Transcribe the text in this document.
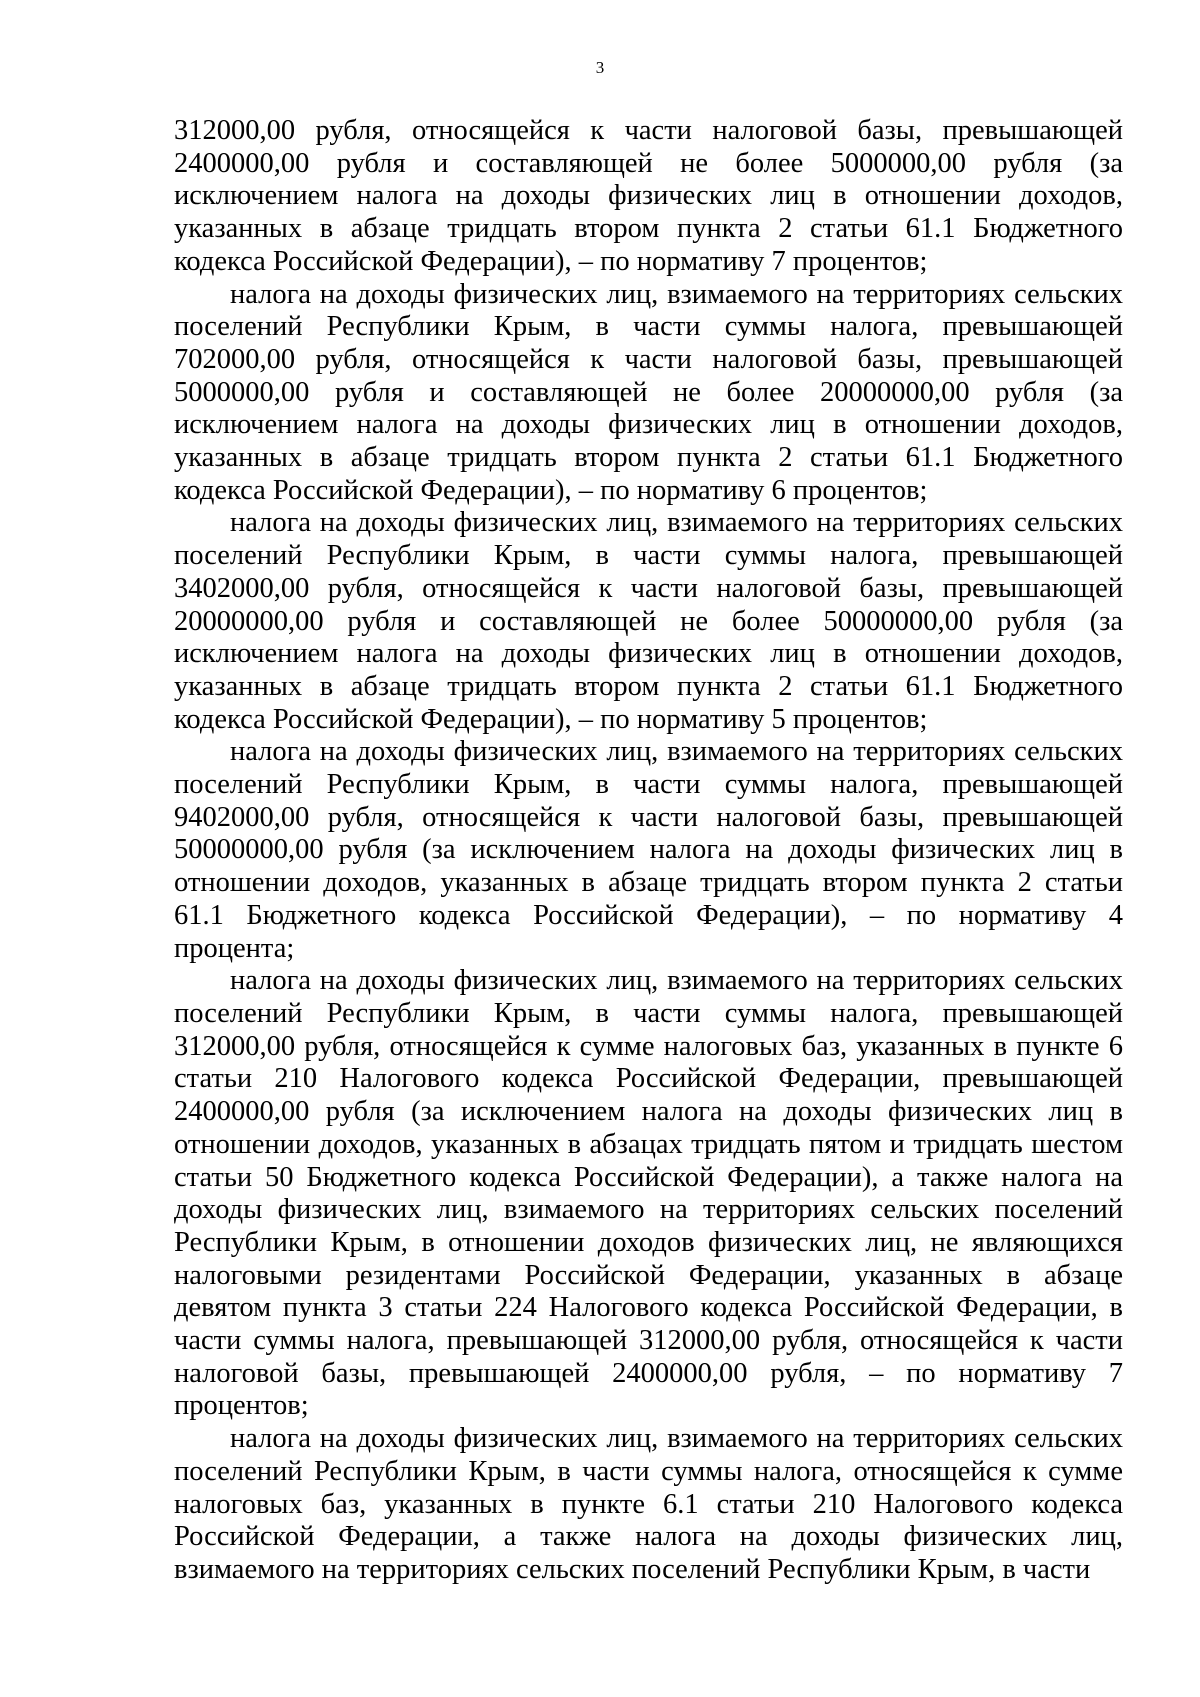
3

312000,00 рубля, относящейся к части налоговой базы, превышающей 2400000,00 рубля и составляющей не более 5000000,00 рубля (за исключением налога на доходы физических лиц в отношении доходов, указанных в абзаце тридцать втором пункта 2 статьи 61.1 Бюджетного кодекса Российской Федерации), – по нормативу 7 процентов;

налога на доходы физических лиц, взимаемого на территориях сельских поселений Республики Крым, в части суммы налога, превышающей 702000,00 рубля, относящейся к части налоговой базы, превышающей 5000000,00 рубля и составляющей не более 20000000,00 рубля (за исключением налога на доходы физических лиц в отношении доходов, указанных в абзаце тридцать втором пункта 2 статьи 61.1 Бюджетного кодекса Российской Федерации), – по нормативу 6 процентов;

налога на доходы физических лиц, взимаемого на территориях сельских поселений Республики Крым, в части суммы налога, превышающей 3402000,00 рубля, относящейся к части налоговой базы, превышающей 20000000,00 рубля и составляющей не более 50000000,00 рубля (за исключением налога на доходы физических лиц в отношении доходов, указанных в абзаце тридцать втором пункта 2 статьи 61.1 Бюджетного кодекса Российской Федерации), – по нормативу 5 процентов;

налога на доходы физических лиц, взимаемого на территориях сельских поселений Республики Крым, в части суммы налога, превышающей 9402000,00 рубля, относящейся к части налоговой базы, превышающей 50000000,00 рубля (за исключением налога на доходы физических лиц в отношении доходов, указанных в абзаце тридцать втором пункта 2 статьи 61.1 Бюджетного кодекса Российской Федерации), – по нормативу 4 процента;

налога на доходы физических лиц, взимаемого на территориях сельских поселений Республики Крым, в части суммы налога, превышающей 312000,00 рубля, относящейся к сумме налоговых баз, указанных в пункте 6 статьи 210 Налогового кодекса Российской Федерации, превышающей 2400000,00 рубля (за исключением налога на доходы физических лиц в отношении доходов, указанных в абзацах тридцать пятом и тридцать шестом статьи 50 Бюджетного кодекса Российской Федерации), а также налога на доходы физических лиц, взимаемого на территориях сельских поселений Республики Крым, в отношении доходов физических лиц, не являющихся налоговыми резидентами Российской Федерации, указанных в абзаце девятом пункта 3 статьи 224 Налогового кодекса Российской Федерации, в части суммы налога, превышающей 312000,00 рубля, относящейся к части налоговой базы, превышающей 2400000,00 рубля, – по нормативу 7 процентов;

налога на доходы физических лиц, взимаемого на территориях сельских поселений Республики Крым, в части суммы налога, относящейся к сумме налоговых баз, указанных в пункте 6.1 статьи 210 Налогового кодекса Российской Федерации, а также налога на доходы физических лиц, взимаемого на территориях сельских поселений Республики Крым, в части
